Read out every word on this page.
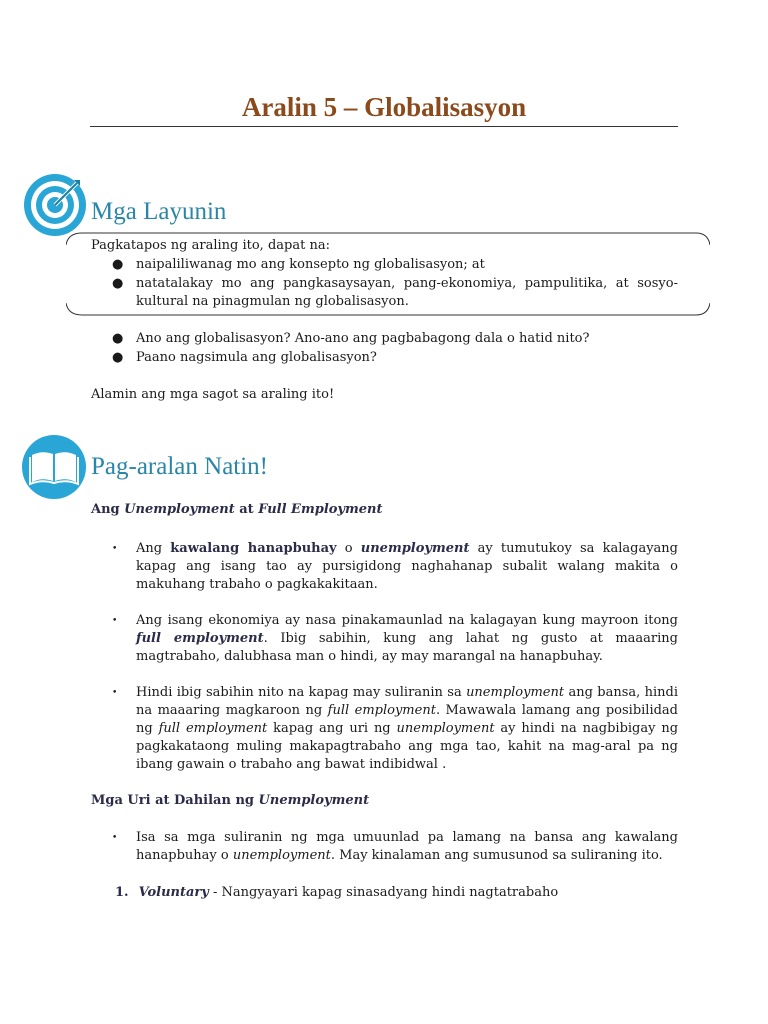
Aralin 5 – Globalisasyon
Mga Layunin
Pagkatapos ng araling ito, dapat na:
● naipaliliwanag mo ang konsepto ng globalisasyon; at
● natatalakay mo ang pangkasaysayan, pang-ekonomiya, pampulitika, at sosyo-kultural na pinagmulan ng globalisasyon.
● Ano ang globalisasyon? Ano-ano ang pagbabagong dala o hatid nito?
● Paano nagsimula ang globalisasyon?
Alamin ang mga sagot sa araling ito!
Pag-aralan Natin!
Ang Unemployment at Full Employment
• Ang kawalang hanapbuhay o unemployment ay tumutukoy sa kalagayang kapag ang isang tao ay pursigidong naghahanap subalit walang makita o makuhang trabaho o pagkakakitaan.
• Ang isang ekonomiya ay nasa pinakamaunlad na kalagayan kung mayroon itong full employment. Ibig sabihin, kung ang lahat ng gusto at maaaring magtrabaho, dalubhasa man o hindi, ay may marangal na hanapbuhay.
• Hindi ibig sabihin nito na kapag may suliranin sa unemployment ang bansa, hindi na maaaring magkaroon ng full employment. Mawawala lamang ang posibilidad ng full employment kapag ang uri ng unemployment ay hindi na nagbibigay ng pagkakataong muling makapagtrabaho ang mga tao, kahit na mag-aral pa ng ibang gawain o trabaho ang bawat indibidwal .
Mga Uri at Dahilan ng Unemployment
• Isa sa mga suliranin ng mga umuunlad pa lamang na bansa ang kawalang hanapbuhay o unemployment. May kinalaman ang sumusunod sa suliraning ito.
1. Voluntary - Nangyayari kapag sinasadyang hindi nagtatrabaho
